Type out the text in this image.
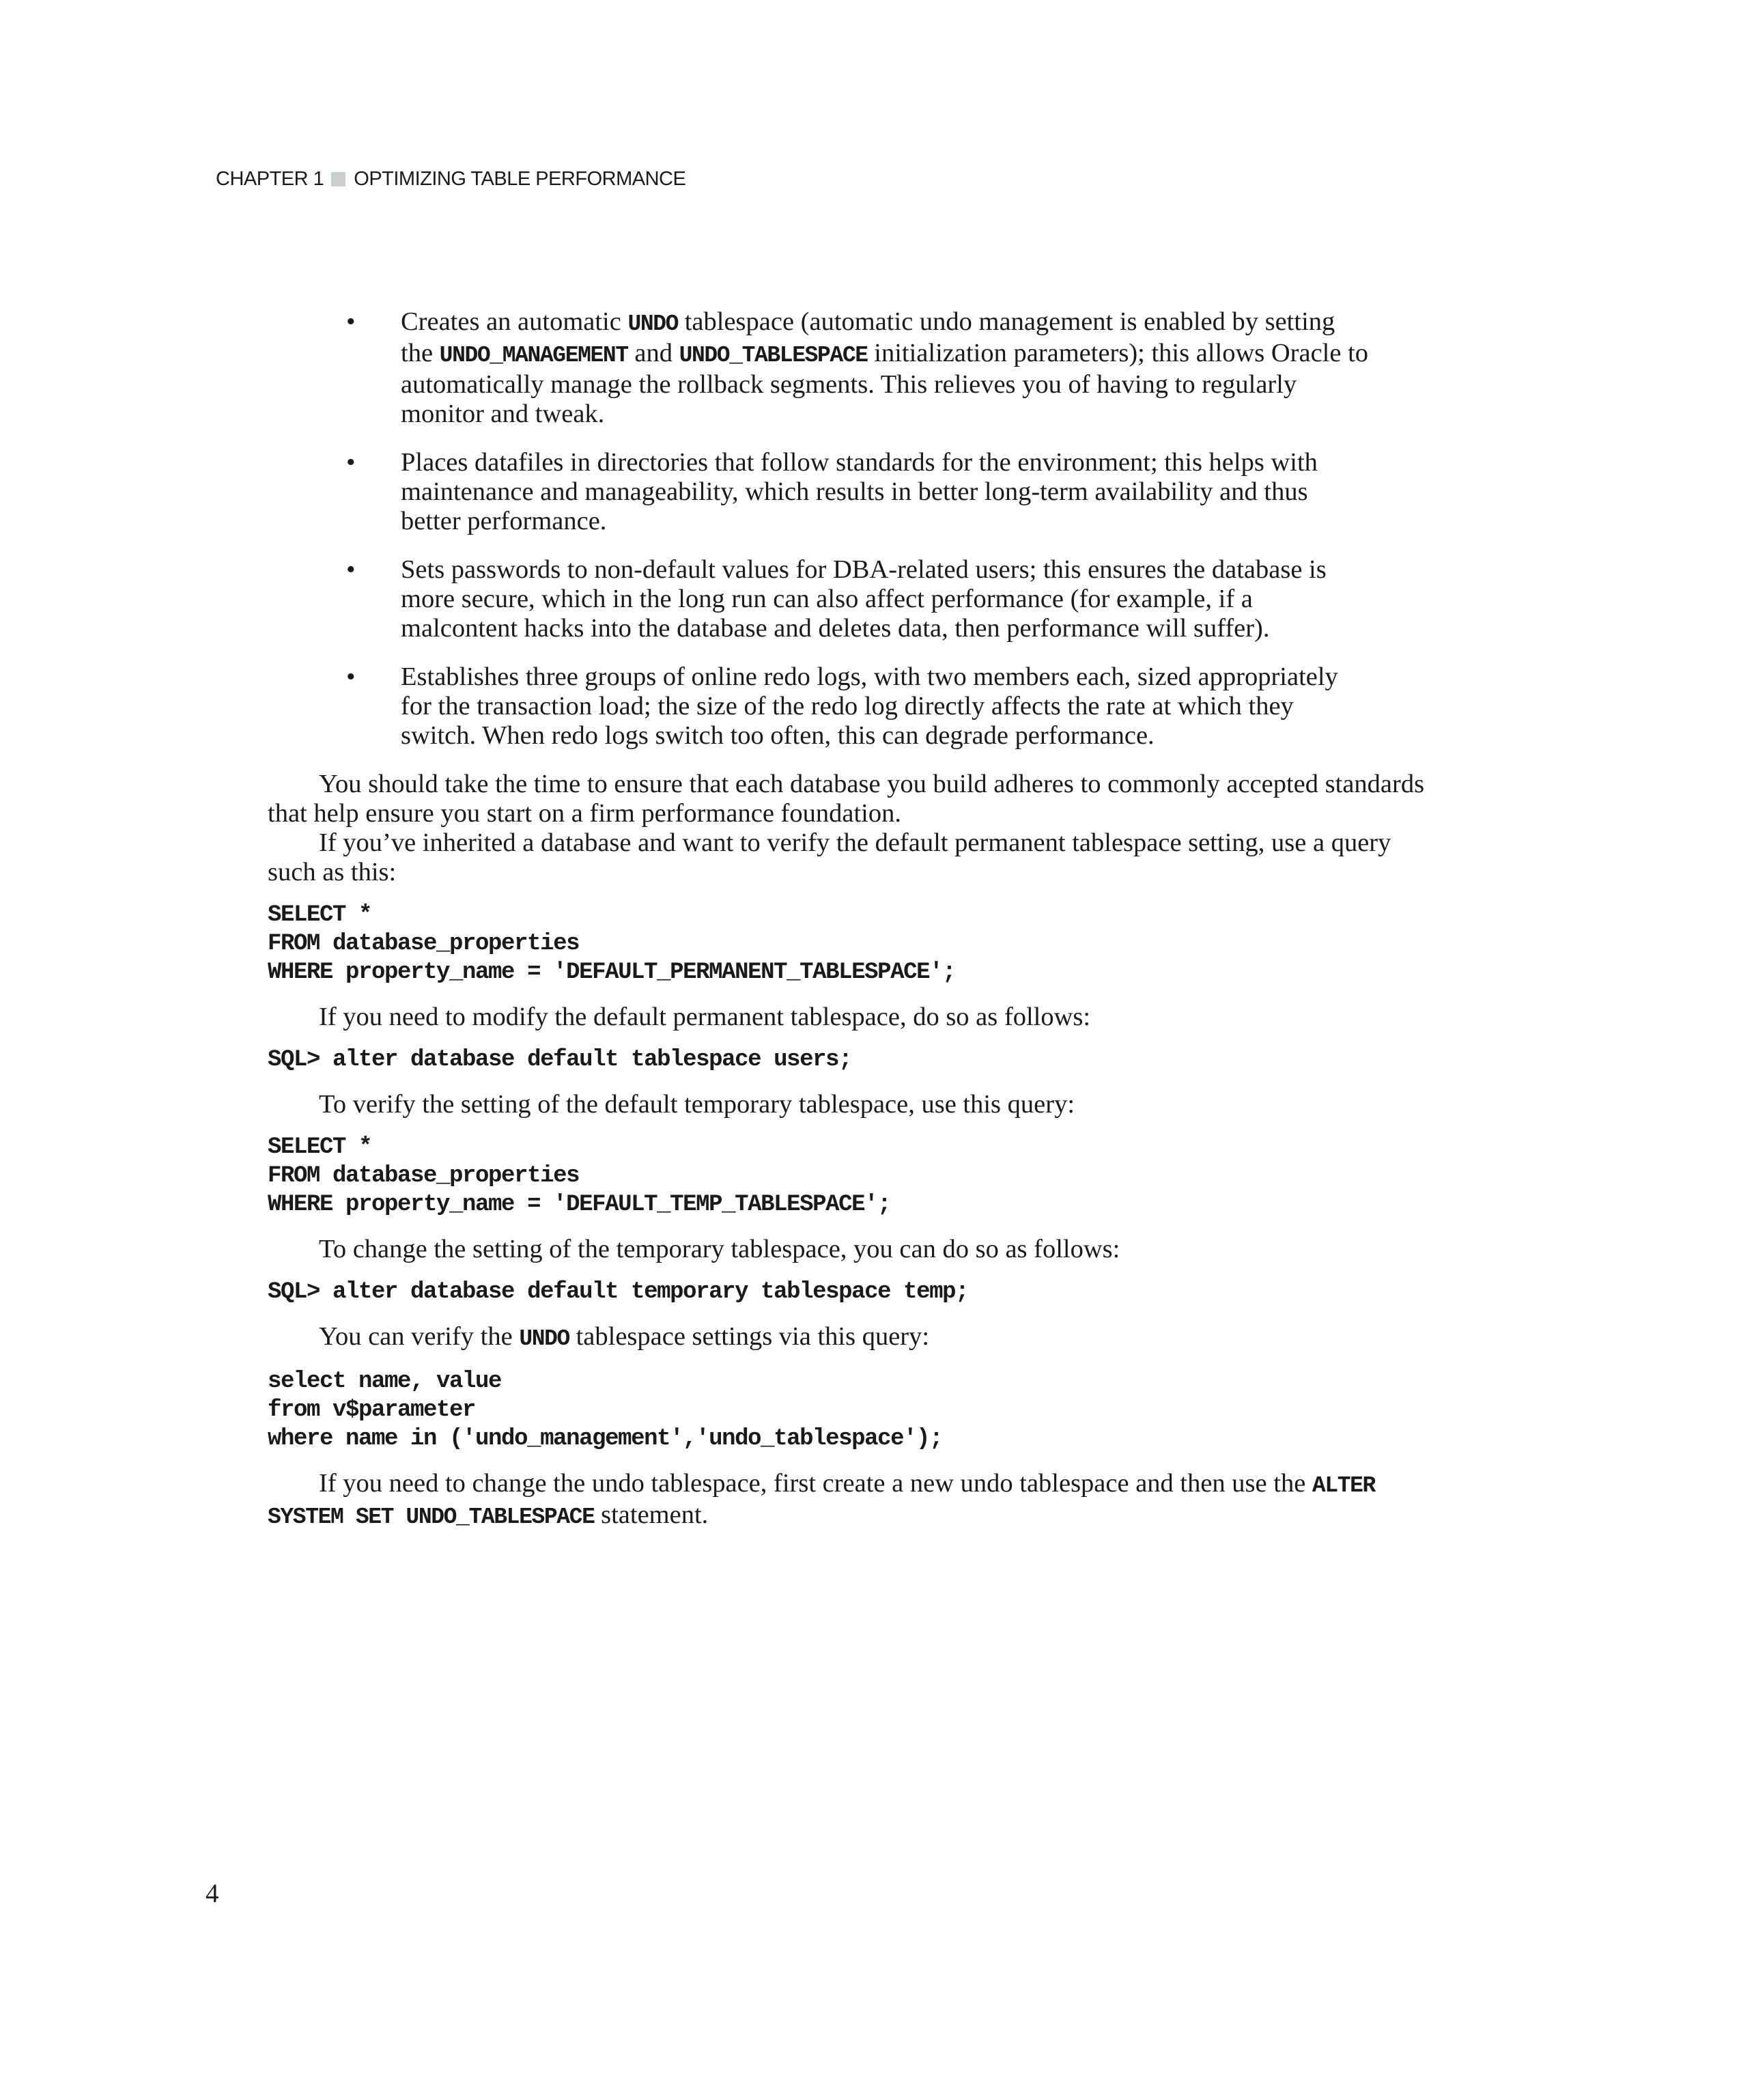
CHAPTER 1 OPTIMIZING TABLE PERFORMANCE
• Creates an automatic UNDO tablespace (automatic undo management is enabled by setting the UNDO_MANAGEMENT and UNDO_TABLESPACE initialization parameters); this allows Oracle to automatically manage the rollback segments. This relieves you of having to regularly monitor and tweak.
• Places datafiles in directories that follow standards for the environment; this helps with maintenance and manageability, which results in better long-term availability and thus better performance.
• Sets passwords to non-default values for DBA-related users; this ensures the database is more secure, which in the long run can also affect performance (for example, if a malcontent hacks into the database and deletes data, then performance will suffer).
• Establishes three groups of online redo logs, with two members each, sized appropriately for the transaction load; the size of the redo log directly affects the rate at which they switch. When redo logs switch too often, this can degrade performance.

You should take the time to ensure that each database you build adheres to commonly accepted standards that help ensure you start on a firm performance foundation.

If you’ve inherited a database and want to verify the default permanent tablespace setting, use a query such as this:

SELECT *
FROM database_properties
WHERE property_name = 'DEFAULT_PERMANENT_TABLESPACE';

If you need to modify the default permanent tablespace, do so as follows:

SQL> alter database default tablespace users;

To verify the setting of the default temporary tablespace, use this query:

SELECT *
FROM database_properties
WHERE property_name = 'DEFAULT_TEMP_TABLESPACE';

To change the setting of the temporary tablespace, you can do so as follows:

SQL> alter database default temporary tablespace temp;

You can verify the UNDO tablespace settings via this query:

select name, value
from v$parameter
where name in ('undo_management','undo_tablespace');

If you need to change the undo tablespace, first create a new undo tablespace and then use the ALTER SYSTEM SET UNDO_TABLESPACE statement.

4
